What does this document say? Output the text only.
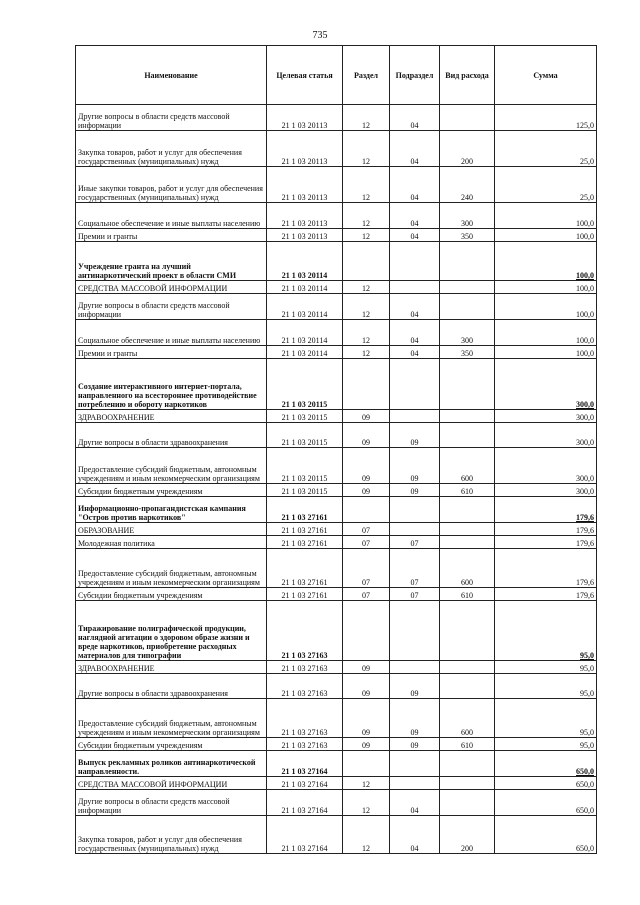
735
Наименование	Целевая статья	Раздел	Подраздел	Вид расхода	Сумма
Другие вопросы в области средств массовой информации	21 1 03 20113	12	04		125,0
Закупка товаров, работ и услуг для обеспечения государственных (муниципальных) нужд	21 1 03 20113	12	04	200	25,0
Иные закупки товаров, работ и услуг для обеспечения государственных (муниципальных) нужд	21 1 03 20113	12	04	240	25,0
Социальное обеспечение и иные выплаты населению	21 1 03 20113	12	04	300	100,0
Премии и гранты	21 1 03 20113	12	04	350	100,0
Учреждение гранта на лучший антинаркотический проект в области СМИ	21 1 03 20114				100,0
СРЕДСТВА МАССОВОЙ ИНФОРМАЦИИ	21 1 03 20114	12			100,0
Другие вопросы в области средств массовой информации	21 1 03 20114	12	04		100,0
Социальное обеспечение и иные выплаты населению	21 1 03 20114	12	04	300	100,0
Премии и гранты	21 1 03 20114	12	04	350	100,0
Создание интерактивного интернет-портала, направленного на всестороннее противодействие потреблению и обороту наркотиков	21 1 03 20115				300,0
ЗДРАВООХРАНЕНИЕ	21 1 03 20115	09			300,0
Другие вопросы в области здравоохранения	21 1 03 20115	09	09		300,0
Предоставление субсидий бюджетным, автономным учреждениям и иным некоммерческим организациям	21 1 03 20115	09	09	600	300,0
Субсидии бюджетным учреждениям	21 1 03 20115	09	09	610	300,0
Информационно-пропагандистская кампания "Остров против наркотиков"	21 1 03 27161				179,6
ОБРАЗОВАНИЕ	21 1 03 27161	07			179,6
Молодежная политика	21 1 03 27161	07	07		179,6
Предоставление субсидий бюджетным, автономным учреждениям и иным некоммерческим организациям	21 1 03 27161	07	07	600	179,6
Субсидии бюджетным учреждениям	21 1 03 27161	07	07	610	179,6
Тиражирование полиграфической продукции, наглядной агитации о здоровом образе жизни и вреде наркотиков, приобретение расходных материалов для типографии	21 1 03 27163				95,0
ЗДРАВООХРАНЕНИЕ	21 1 03 27163	09			95,0
Другие вопросы в области здравоохранения	21 1 03 27163	09	09		95,0
Предоставление субсидий бюджетным, автономным учреждениям и иным некоммерческим организациям	21 1 03 27163	09	09	600	95,0
Субсидии бюджетным учреждениям	21 1 03 27163	09	09	610	95,0
Выпуск рекламных роликов антинаркотической направленности.	21 1 03 27164				650,0
СРЕДСТВА МАССОВОЙ ИНФОРМАЦИИ	21 1 03 27164	12			650,0
Другие вопросы в области средств массовой информации	21 1 03 27164	12	04		650,0
Закупка товаров, работ и услуг для обеспечения государственных (муниципальных) нужд	21 1 03 27164	12	04	200	650,0
